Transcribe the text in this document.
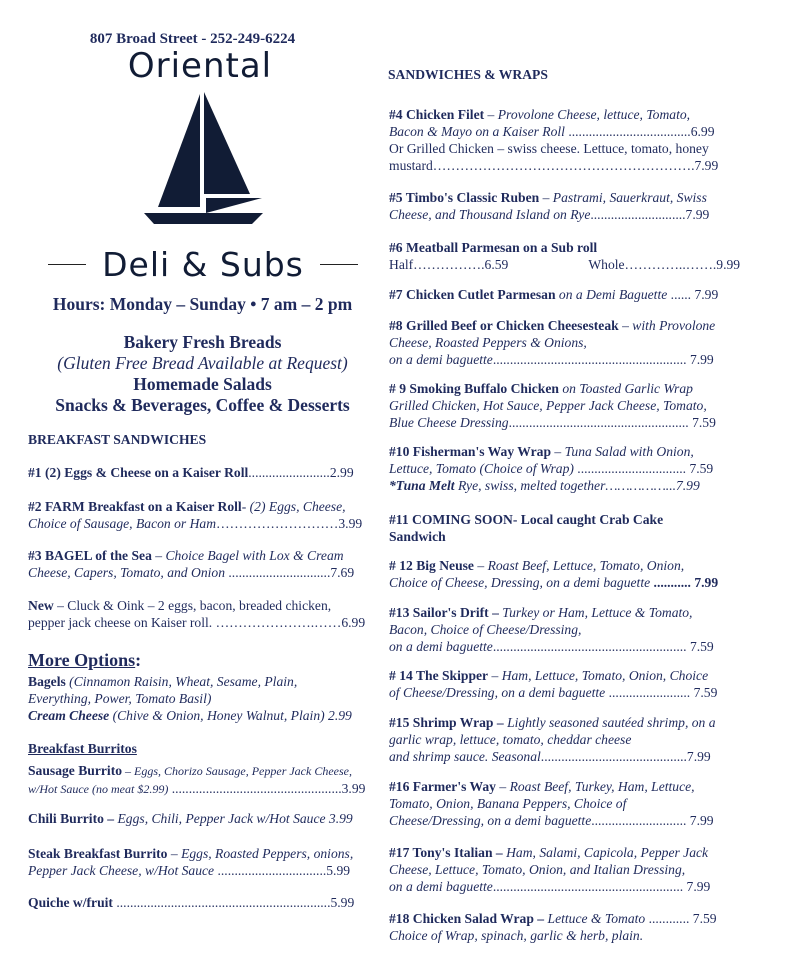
807 Broad Street - 252-249-6224
Oriental
Deli & Subs
Hours: Monday – Sunday • 7 am – 2 pm
Bakery Fresh Breads
(Gluten Free Bread Available at Request)
Homemade Salads
Snacks & Beverages, Coffee & Desserts
BREAKFAST SANDWICHES
#1 (2) Eggs & Cheese on a Kaiser Roll........................2.99
#2 FARM Breakfast on a Kaiser Roll- (2) Eggs, Cheese,
Choice of Sausage, Bacon or Ham………………………3.99
#3 BAGEL of the Sea – Choice Bagel with Lox & Cream
Cheese, Capers, Tomato, and Onion ..............................7.69
New – Cluck & Oink – 2 eggs, bacon, breaded chicken,
pepper jack cheese on Kaiser roll. ………………….……6.99
More Options:
Bagels (Cinnamon Raisin, Wheat, Sesame, Plain,
Everything, Power, Tomato Basil)
Cream Cheese (Chive & Onion, Honey Walnut, Plain) 2.99
Breakfast Burritos
Sausage Burrito – Eggs, Chorizo Sausage, Pepper Jack Cheese,
w/Hot Sauce (no meat $2.99) ..................................................3.99
Chili Burrito – Eggs, Chili, Pepper Jack w/Hot Sauce 3.99
Steak Breakfast Burrito – Eggs, Roasted Peppers, onions,
Pepper Jack Cheese, w/Hot Sauce ................................5.99
Quiche w/fruit ...............................................................5.99
SANDWICHES & WRAPS
#4 Chicken Filet – Provolone Cheese, lettuce, Tomato,
Bacon & Mayo on a Kaiser Roll ....................................6.99
Or Grilled Chicken – swiss cheese. Lettuce, tomato, honey
mustard………………………………………………….7.99
#5 Timbo's Classic Ruben – Pastrami, Sauerkraut, Swiss
Cheese, and Thousand Island on Rye............................7.99
#6 Meatball Parmesan on a Sub roll
Half…………….6.59	Whole…………..…….9.99
#7 Chicken Cutlet Parmesan on a Demi Baguette ...... 7.99
#8 Grilled Beef or Chicken Cheesesteak – with Provolone
Cheese, Roasted Peppers & Onions,
on a demi baguette......................................................... 7.99
# 9 Smoking Buffalo Chicken on Toasted Garlic Wrap
Grilled Chicken, Hot Sauce, Pepper Jack Cheese, Tomato,
Blue Cheese Dressing..................................................... 7.59
#10 Fisherman's Way Wrap – Tuna Salad with Onion,
Lettuce, Tomato (Choice of Wrap) ................................ 7.59
*Tuna Melt Rye, swiss, melted together……………...7.99
#11 COMING SOON- Local caught Crab Cake
Sandwich
# 12 Big Neuse – Roast Beef, Lettuce, Tomato, Onion,
Choice of Cheese, Dressing, on a demi baguette ........... 7.99
#13 Sailor's Drift – Turkey or Ham, Lettuce & Tomato,
Bacon, Choice of Cheese/Dressing,
on a demi baguette......................................................... 7.59
# 14 The Skipper – Ham, Lettuce, Tomato, Onion, Choice
of Cheese/Dressing, on a demi baguette ........................ 7.59
#15 Shrimp Wrap – Lightly seasoned sautéed shrimp, on a
garlic wrap, lettuce, tomato, cheddar cheese
and shrimp sauce. Seasonal...........................................7.99
#16 Farmer's Way – Roast Beef, Turkey, Ham, Lettuce,
Tomato, Onion, Banana Peppers, Choice of
Cheese/Dressing, on a demi baguette............................ 7.99
#17 Tony's Italian – Ham, Salami, Capicola, Pepper Jack
Cheese, Lettuce, Tomato, Onion, and Italian Dressing,
on a demi baguette........................................................ 7.99
#18 Chicken Salad Wrap – Lettuce & Tomato ............ 7.59
Choice of Wrap, spinach, garlic & herb, plain.
